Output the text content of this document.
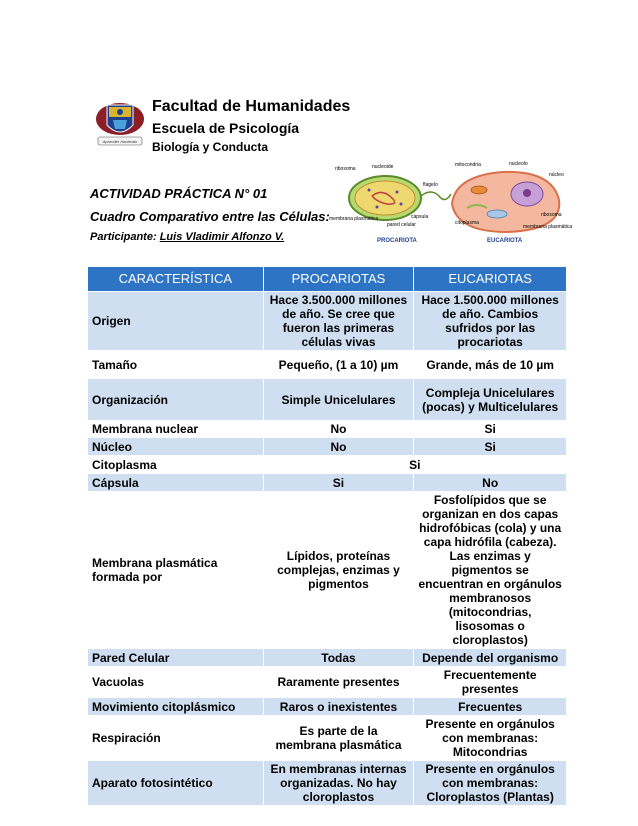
Aprender Haciendo
Facultad de Humanidades
Escuela de Psicología
Biología y Conducta
ACTIVIDAD PRÁCTICA N° 01
Cuadro Comparativo entre las Células:
Participante: Luis Vladimir Alfonzo V.
ribosoma	nucleoide
flagelo
membrana plasmática
pared celular
cápsula
PROCARIOTA
mitocondria	nucleolo
núcleo
ribosoma
citoplasma
membrana plasmática
EUCARIOTA
CARACTERÍSTICA	PROCARIOTAS	EUCARIOTAS
Origen	Hace 3.500.000 millones de año. Se cree que fueron las primeras células vivas	Hace 1.500.000 millones de año. Cambios sufridos por las procariotas
Tamaño	Pequeño, (1 a 10) µm	Grande, más de 10 µm
Organización	Simple Unicelulares	Compleja Unicelulares (pocas) y Multicelulares
Membrana nuclear	No	Si
Núcleo	No	Si
Citoplasma	Si	
Cápsula	Si	No
Membrana plasmática formada por	Lípidos, proteínas complejas, enzimas y pigmentos	Fosfolípidos que se organizan en dos capas hidrofóbicas (cola) y una capa hidrófila (cabeza). Las enzimas y pigmentos se encuentran en orgánulos membranosos (mitocondrias, lisosomas o cloroplastos)
Pared Celular	Todas	Depende del organismo
Vacuolas	Raramente presentes	Frecuentemente presentes
Movimiento citoplásmico	Raros o inexistentes	Frecuentes
Respiración	Es parte de la membrana plasmática	Presente en orgánulos con membranas: Mitocondrias
Aparato fotosintético	En membranas internas organizadas. No hay cloroplastos	Presente en orgánulos con membranas: Cloroplastos (Plantas)
